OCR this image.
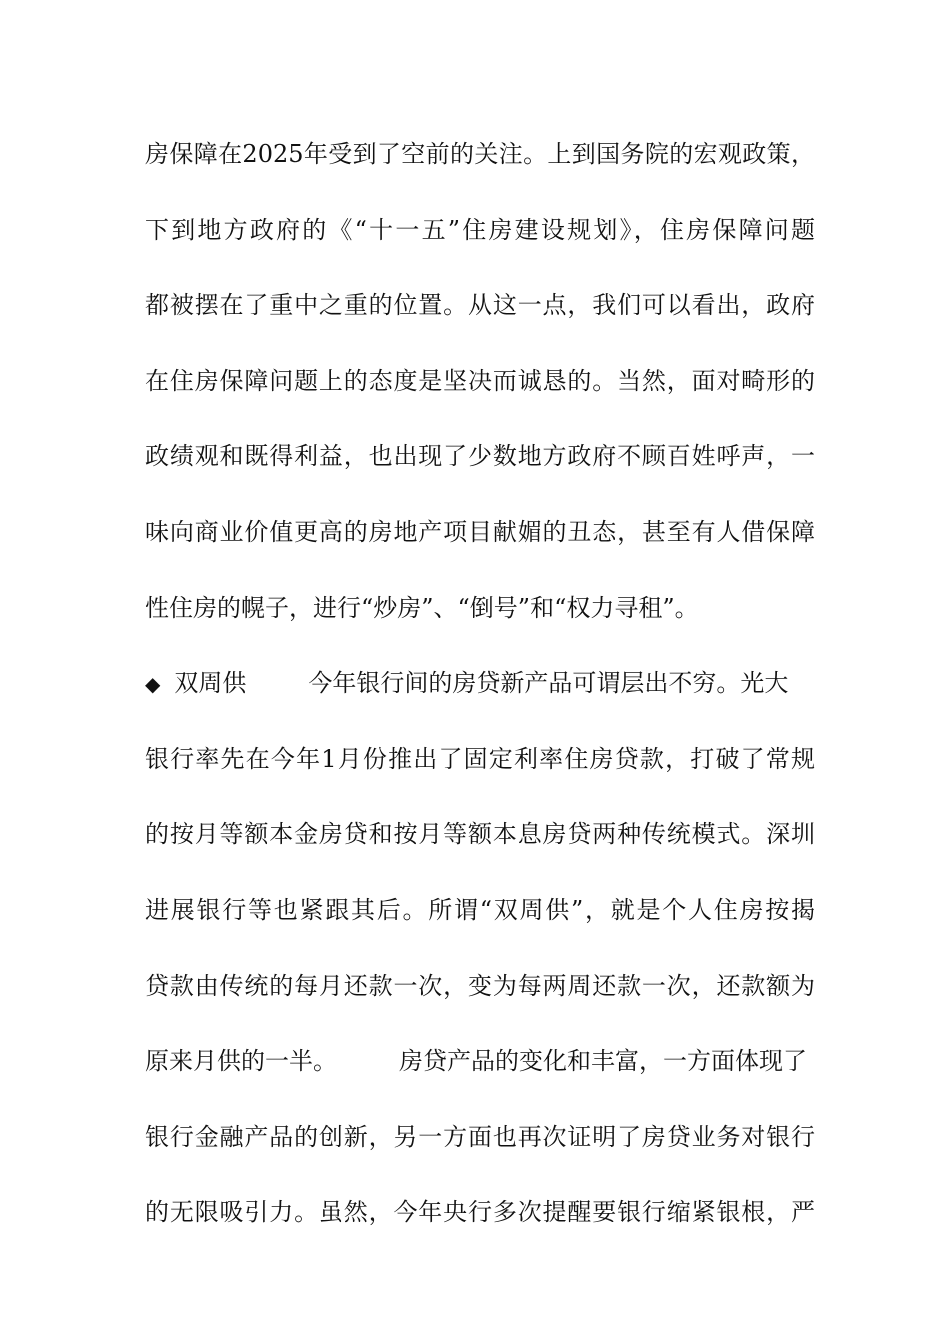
房保障在2025年受到了空前的关注。上到国务院的宏观政策，
下到地方政府的《“十一五”住房建设规划》，住房保障问题
都被摆在了重中之重的位置。从这一点，我们可以看出，政府
在住房保障问题上的态度是坚决而诚恳的。当然，面对畸形的
政绩观和既得利益，也出现了少数地方政府不顾百姓呼声，一
味向商业价值更高的房地产项目献媚的丑态，甚至有人借保障
性住房的幌子，进行“炒房”、“倒号”和“权力寻租”。
◆ 双周供	今年银行间的房贷新产品可谓层出不穷。光大
银行率先在今年1月份推出了固定利率住房贷款，打破了常规
的按月等额本金房贷和按月等额本息房贷两种传统模式。深圳
进展银行等也紧跟其后。所谓“双周供”，就是个人住房按揭
贷款由传统的每月还款一次，变为每两周还款一次，还款额为
原来月供的一半。	房贷产品的变化和丰富，一方面体现了
银行金融产品的创新，另一方面也再次证明了房贷业务对银行
的无限吸引力。虽然，今年央行多次提醒要银行缩紧银根，严
